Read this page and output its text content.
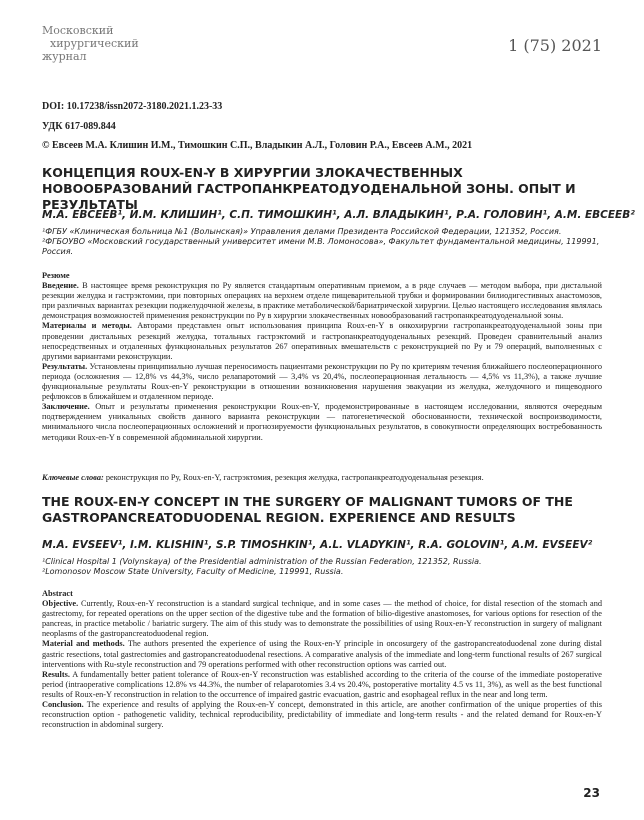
Московский
хирургический
журнал
1 (75) 2021
DOI: 10.17238/issn2072-3180.2021.1.23-33
УДК 617-089.844
© Евсеев М.А. Клишин И.М., Тимошкин С.П., Владыкин А.Л., Головин Р.А., Евсеев А.М., 2021
КОНЦЕПЦИЯ ROUX-EN-Y В ХИРУРГИИ ЗЛОКАЧЕСТВЕННЫХ НОВООБРАЗОВАНИЙ ГАСТРОПАНКРЕАТОДУОДЕНАЛЬНОЙ ЗОНЫ. ОПЫТ И РЕЗУЛЬТАТЫ
М.А. ЕВСЕЕВ¹, И.М. КЛИШИН¹, С.П. ТИМОШКИН¹, А.Л. ВЛАДЫКИН¹, Р.А. ГОЛОВИН¹, А.М. ЕВСЕЕВ²
¹ФГБУ «Клиническая больница №1 (Волынская)» Управления делами Президента Российской Федерации, 121352, Россия.
²ФГБОУВО «Московский государственный университет имени М.В. Ломоносова», Факультет фундаментальной медицины, 119991, Россия.

Резюме

Введение. В настоящее время реконструкция по Ру является стандартным оперативным приемом, а в ряде случаев — методом выбора, при дистальной резекции желудка и гастрэктомии, при повторных операциях на верхнем отделе пищеварительной трубки и формировании билиодигестивных анастомозов, при различных вариантах резекции поджелудочной железы, в практике метаболической/бариатрической хирургии. Целью настоящего исследования являлась демонстрация возможностей применения реконструкции по Ру в хирургии злокачественных новообразований гастропанкреатодуоденальной зоны.

Материалы и методы. Авторами представлен опыт использования принципа Roux-en-Y в онкохирургии гастропанкреатодуоденальной зоны при проведении дистальных резекций желудка, тотальных гастрэктомий и гастропанкреатодуоденальных резекций. Проведен сравнительный анализ непосредственных и отдаленных функциональных результатов 267 оперативных вмешательств с реконструкцией по Ру и 79 операций, выполненных с другими вариантами реконструкции.

Результаты. Установлены принципиально лучшая переносимость пациентами реконструкции по Ру по критериям течения ближайшего послеоперационного периода (осложнения — 12,8% vs 44,3%, число релапаротомий — 3,4% vs 20,4%, послеоперационная летальность — 4,5% vs 11,3%), а также лучшие функциональные результаты Roux-en-Y реконструкции в отношении возникновения нарушения эвакуации из желудка, желудочного и пищеводного рефлюксов в ближайшем и отдаленном периоде.

Заключение. Опыт и результаты применения реконструкции Roux-en-Y, продемонстрированные в настоящем исследовании, являются очередным подтверждением уникальных свойств данного варианта реконструкции — патогенетической обоснованности, технической воспроизводимости, минимального числа послеоперационных осложнений и прогнозируемости функциональных результатов, в совокупности определяющих востребованность методики Roux-en-Y в современной абдоминальной хирургии.

Ключевые слова: реконструкция по Ру, Roux-en-Y, гастрэктомия, резекция желудка, гастропанкреатодуоденальная резекция.
THE ROUX-EN-Y CONCEPT IN THE SURGERY OF MALIGNANT TUMORS OF THE GASTROPANCREATODUODENAL REGION. EXPERIENCE AND RESULTS
M.A. EVSEEV¹, I.M. KLISHIN¹, S.P. TIMOSHKIN¹, A.L. VLADYKIN¹, R.A. GOLOVIN¹, A.M. EVSEEV²
¹Clinical Hospital 1 (Volynskaya) of the Presidential administration of the Russian Federation, 121352, Russia.
²Lomonosov Moscow State University, Faculty of Medicine, 119991, Russia.

Abstract

Objective. Currently, Roux-en-Y reconstruction is a standard surgical technique, and in some cases — the method of choice, for distal resection of the stomach and gastrectomy, for repeated operations on the upper section of the digestive tube and the formation of bilio-digestive anastomoses, for various options for resection of the pancreas, in practice metabolic / bariatric surgery. The aim of this study was to demonstrate the possibilities of using Roux-en-Y reconstruction in surgery of malignant neoplasms of the gastropancreatoduodenal region.

Material and methods. The authors presented the experience of using the Roux-en-Y principle in oncosurgery of the gastropancreatoduodenal zone during distal gastric resections, total gastrectomies and gastropancreatoduodenal resections. A comparative analysis of the immediate and long-term functional results of 267 surgical interventions with Ru-style reconstruction and 79 operations performed with other reconstruction options was carried out.

Results. A fundamentally better patient tolerance of Roux-en-Y reconstruction was established according to the criteria of the course of the immediate postoperative period (intraoperative complications 12.8% vs 44.3%, the number of relaparotomies 3.4 vs 20.4%, postoperative mortality 4.5 vs 11, 3%), as well as the best functional results of Roux-en-Y reconstruction in relation to the occurrence of impaired gastric evacuation, gastric and esophageal reflux in the near and long term.

Conclusion. The experience and results of applying the Roux-en-Y concept, demonstrated in this article, are another confirmation of the unique properties of this reconstruction option - pathogenetic validity, technical reproducibility, predictability of immediate and long-term results - and the related demand for Roux-en-Y reconstruction in abdominal surgery.

23
